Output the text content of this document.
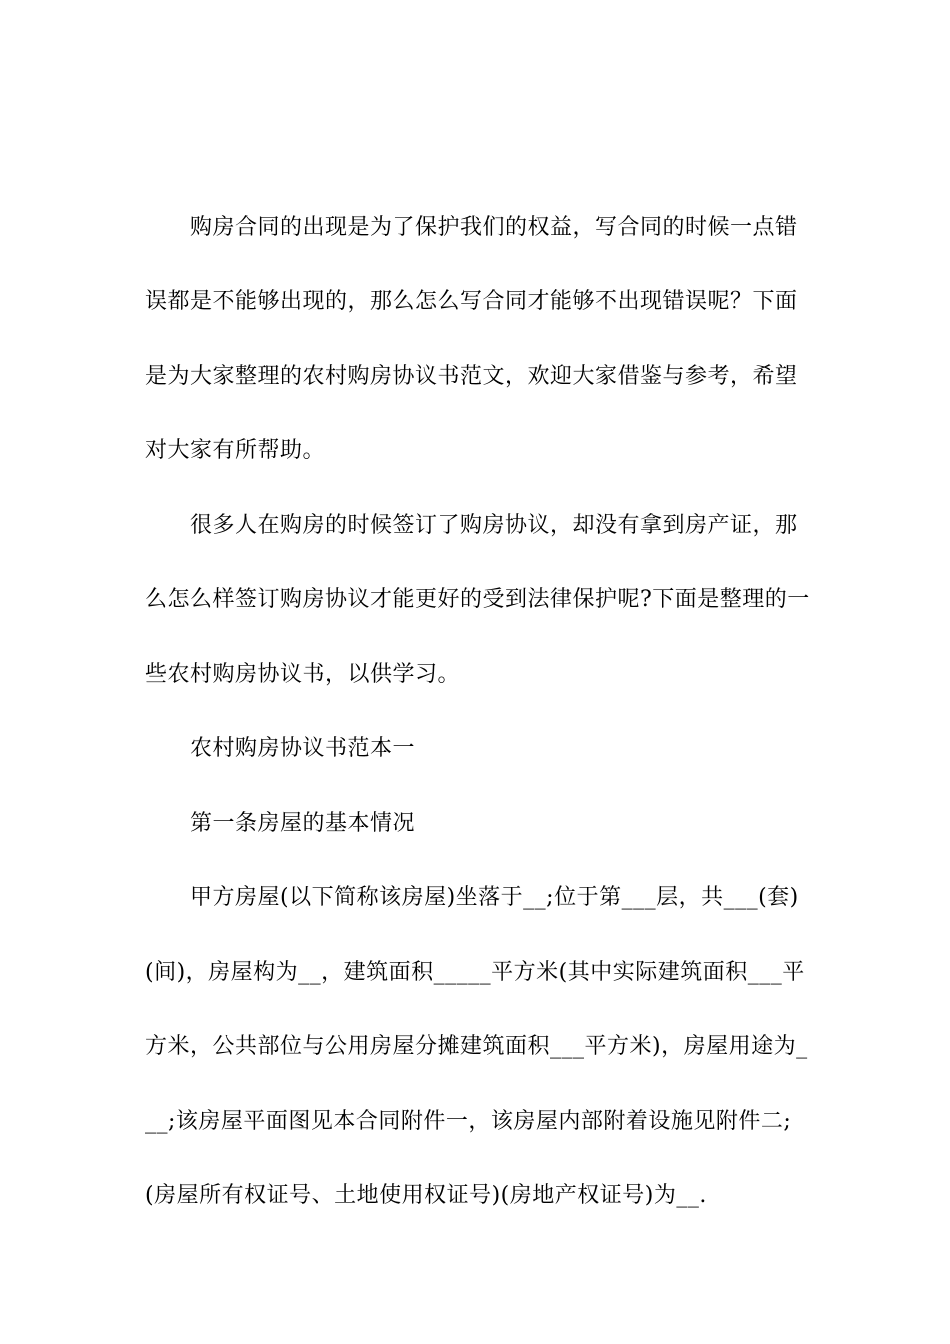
购房合同的出现是为了保护我们的权益，写合同的时候一点错
误都是不能够出现的，那么怎么写合同才能够不出现错误呢？下面
是为大家整理的农村购房协议书范文，欢迎大家借鉴与参考，希望
对大家有所帮助。
很多人在购房的时候签订了购房协议，却没有拿到房产证，那
么怎么样签订购房协议才能更好的受到法律保护呢?下面是整理的一
些农村购房协议书，以供学习。
农村购房协议书范本一
第一条房屋的基本情况
甲方房屋(以下简称该房屋)坐落于__;位于第___层，共___(套)
(间)，房屋构为__，建筑面积_____平方米(其中实际建筑面积___平
方米，公共部位与公用房屋分摊建筑面积___平方米)，房屋用途为_
__;该房屋平面图见本合同附件一，该房屋内部附着设施见附件二;
(房屋所有权证号、土地使用权证号)(房地产权证号)为__.
